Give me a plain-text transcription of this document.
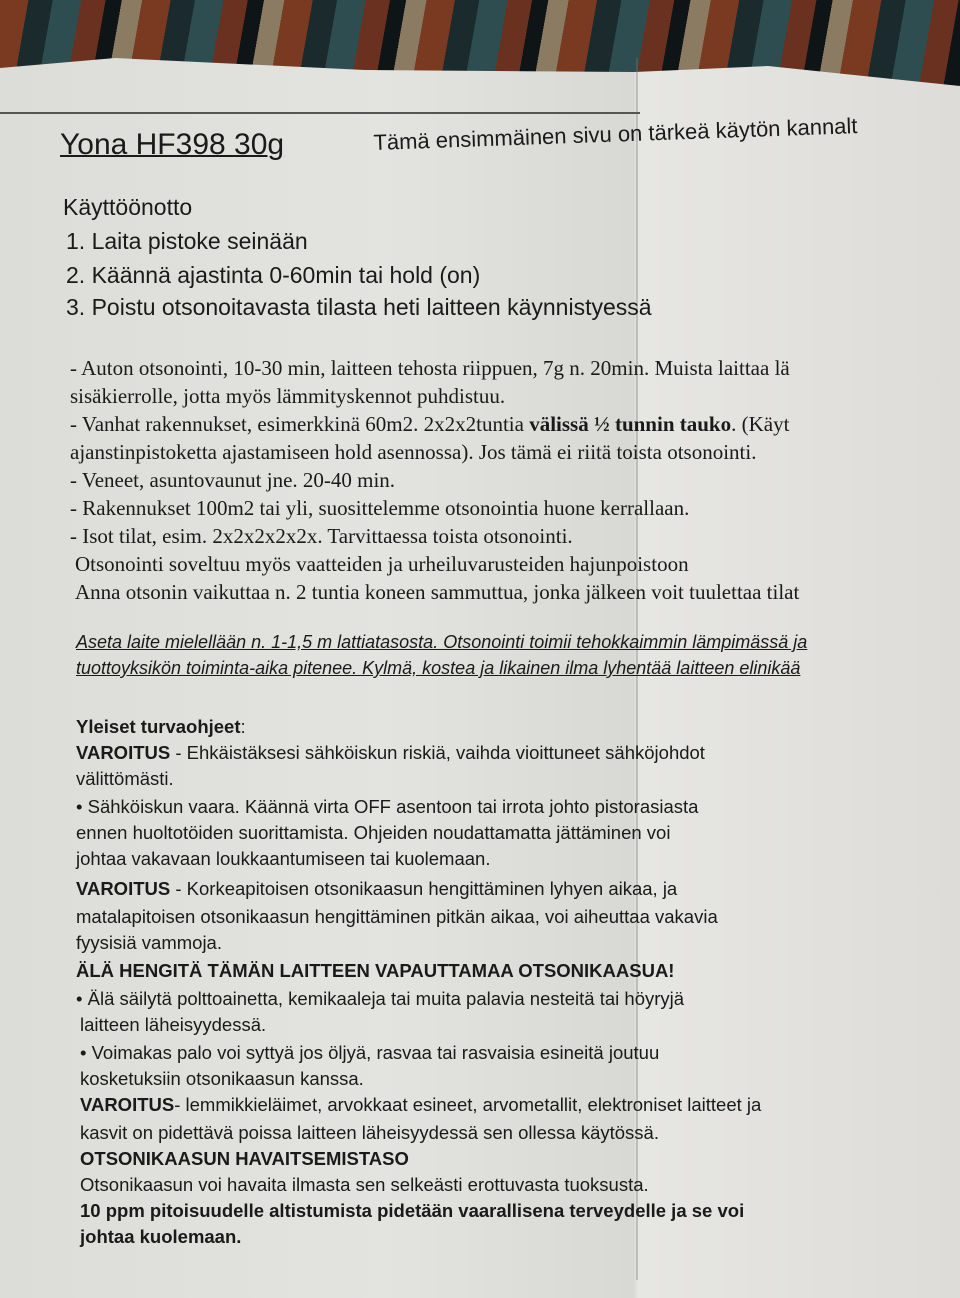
Yona HF398 30g	Tämä ensimmäinen sivu on tärkeä käytön kannalt
Käyttöönotto
1. Laita pistoke seinään
2. Käännä ajastinta 0-60min tai hold (on)
3. Poistu otsonoitavasta tilasta heti laitteen käynnistyessä
- Auton otsonointi, 10-30 min, laitteen tehosta riippuen, 7g n. 20min. Muista laittaa lä
sisäkierrolle, jotta myös lämmityskennot puhdistuu.
- Vanhat rakennukset, esimerkkinä 60m2. 2x2x2tuntia välissä ½ tunnin tauko. (Käyt
ajanstinpistoketta ajastamiseen hold asennossa). Jos tämä ei riitä toista otsonointi.
- Veneet, asuntovaunut jne. 20-40 min.
- Rakennukset 100m2 tai yli, suosittelemme otsonointia huone kerrallaan.
- Isot tilat, esim. 2x2x2x2x2x. Tarvittaessa toista otsonointi.
Otsonointi soveltuu myös vaatteiden ja urheiluvarusteiden hajunpoistoon
Anna otsonin vaikuttaa n. 2 tuntia koneen sammuttua, jonka jälkeen voit tuulettaa tilat
Aseta laite mielellään n. 1-1,5 m lattiatasosta. Otsonointi toimii tehokkaimmin lämpimässä ja
tuottoyksikön toiminta-aika pitenee. Kylmä, kostea ja likainen ilma lyhentää laitteen elinikää
Yleiset turvaohjeet:
VAROITUS - Ehkäistäksesi sähköiskun riskiä, vaihda vioittuneet sähköjohdot
välittömästi.
• Sähköiskun vaara. Käännä virta OFF asentoon tai irrota johto pistorasiasta
ennen huoltotöiden suorittamista. Ohjeiden noudattamatta jättäminen voi
johtaa vakavaan loukkaantumiseen tai kuolemaan.
VAROITUS - Korkeapitoisen otsonikaasun hengittäminen lyhyen aikaa, ja
matalapitoisen otsonikaasun hengittäminen pitkän aikaa, voi aiheuttaa vakavia
fyysisiä vammoja.
ÄLÄ HENGITÄ TÄMÄN LAITTEEN VAPAUTTAMAA OTSONIKAASUA!
• Älä säilytä polttoainetta, kemikaaleja tai muita palavia nesteitä tai höyryjä
laitteen läheisyydessä.
• Voimakas palo voi syttyä jos öljyä, rasvaa tai rasvaisia esineitä joutuu
kosketuksiin otsonikaasun kanssa.
VAROITUS- lemmikkieläimet, arvokkaat esineet, arvometallit, elektroniset laitteet ja
kasvit on pidettävä poissa laitteen läheisyydessä sen ollessa käytössä.
OTSONIKAASUN HAVAITSEMISTASO
Otsonikaasun voi havaita ilmasta sen selkeästi erottuvasta tuoksusta.
10 ppm pitoisuudelle altistumista pidetään vaarallisena terveydelle ja se voi
johtaa kuolemaan.
